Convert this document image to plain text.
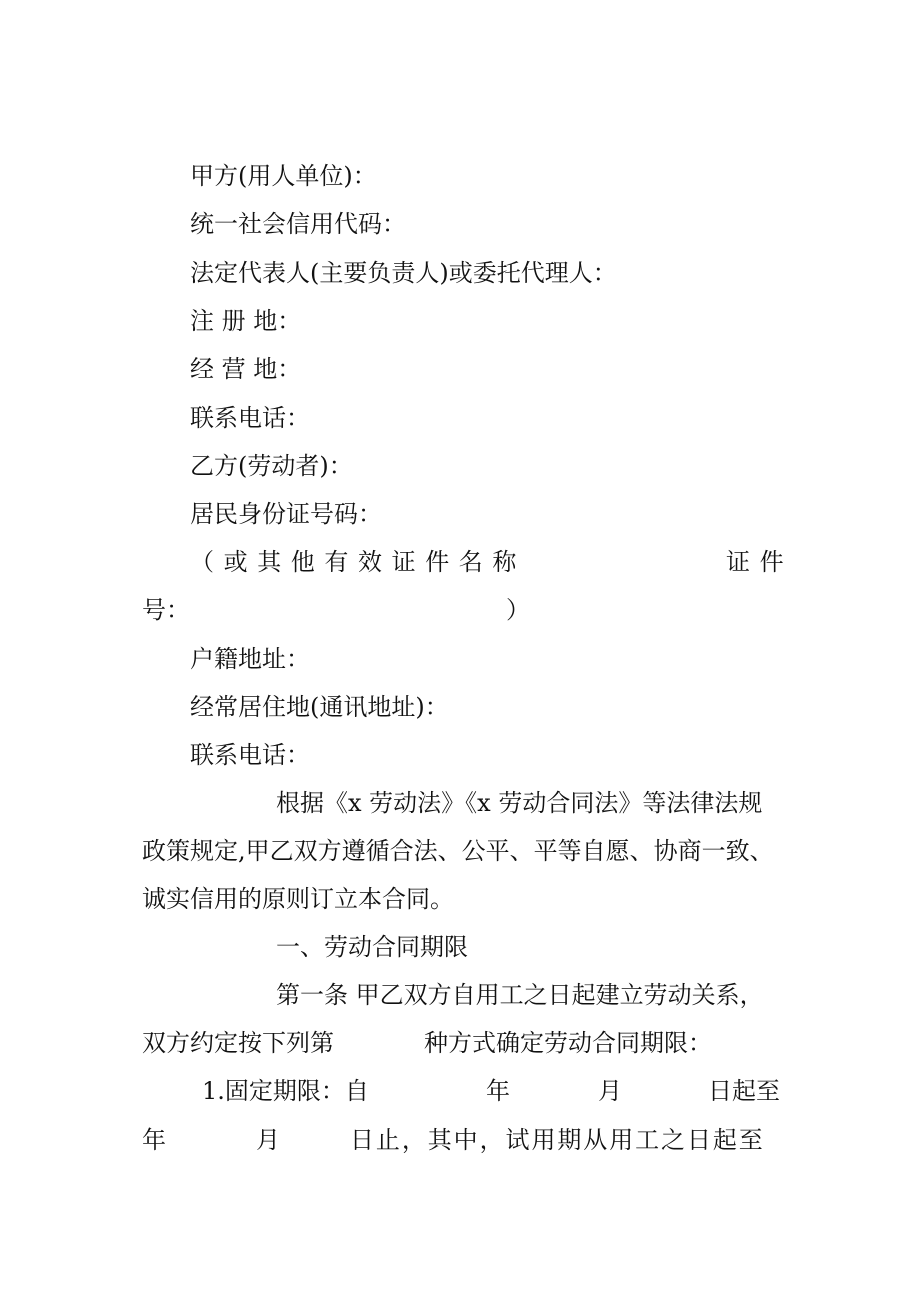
甲方(用人单位)：
统一社会信用代码：
法定代表人(主要负责人)或委托代理人：
注 册 地：
经 营 地：
联系电话：
乙方(劳动者)：
居民身份证号码：
（或其他有效证件名称	证件
号：	）
户籍地址：
经常居住地(通讯地址)：
联系电话：
根据《x 劳动法》《x 劳动合同法》等法律法规
政策规定,甲乙双方遵循合法、公平、平等自愿、协商一致、
诚实信用的原则订立本合同。
一、劳动合同期限
第一条 甲乙双方自用工之日起建立劳动关系，
双方约定按下列第	种方式确定劳动合同期限：
1.固定期限：自	年	月	日起至
年	月	日止，其中，试用期从用工之日起至
